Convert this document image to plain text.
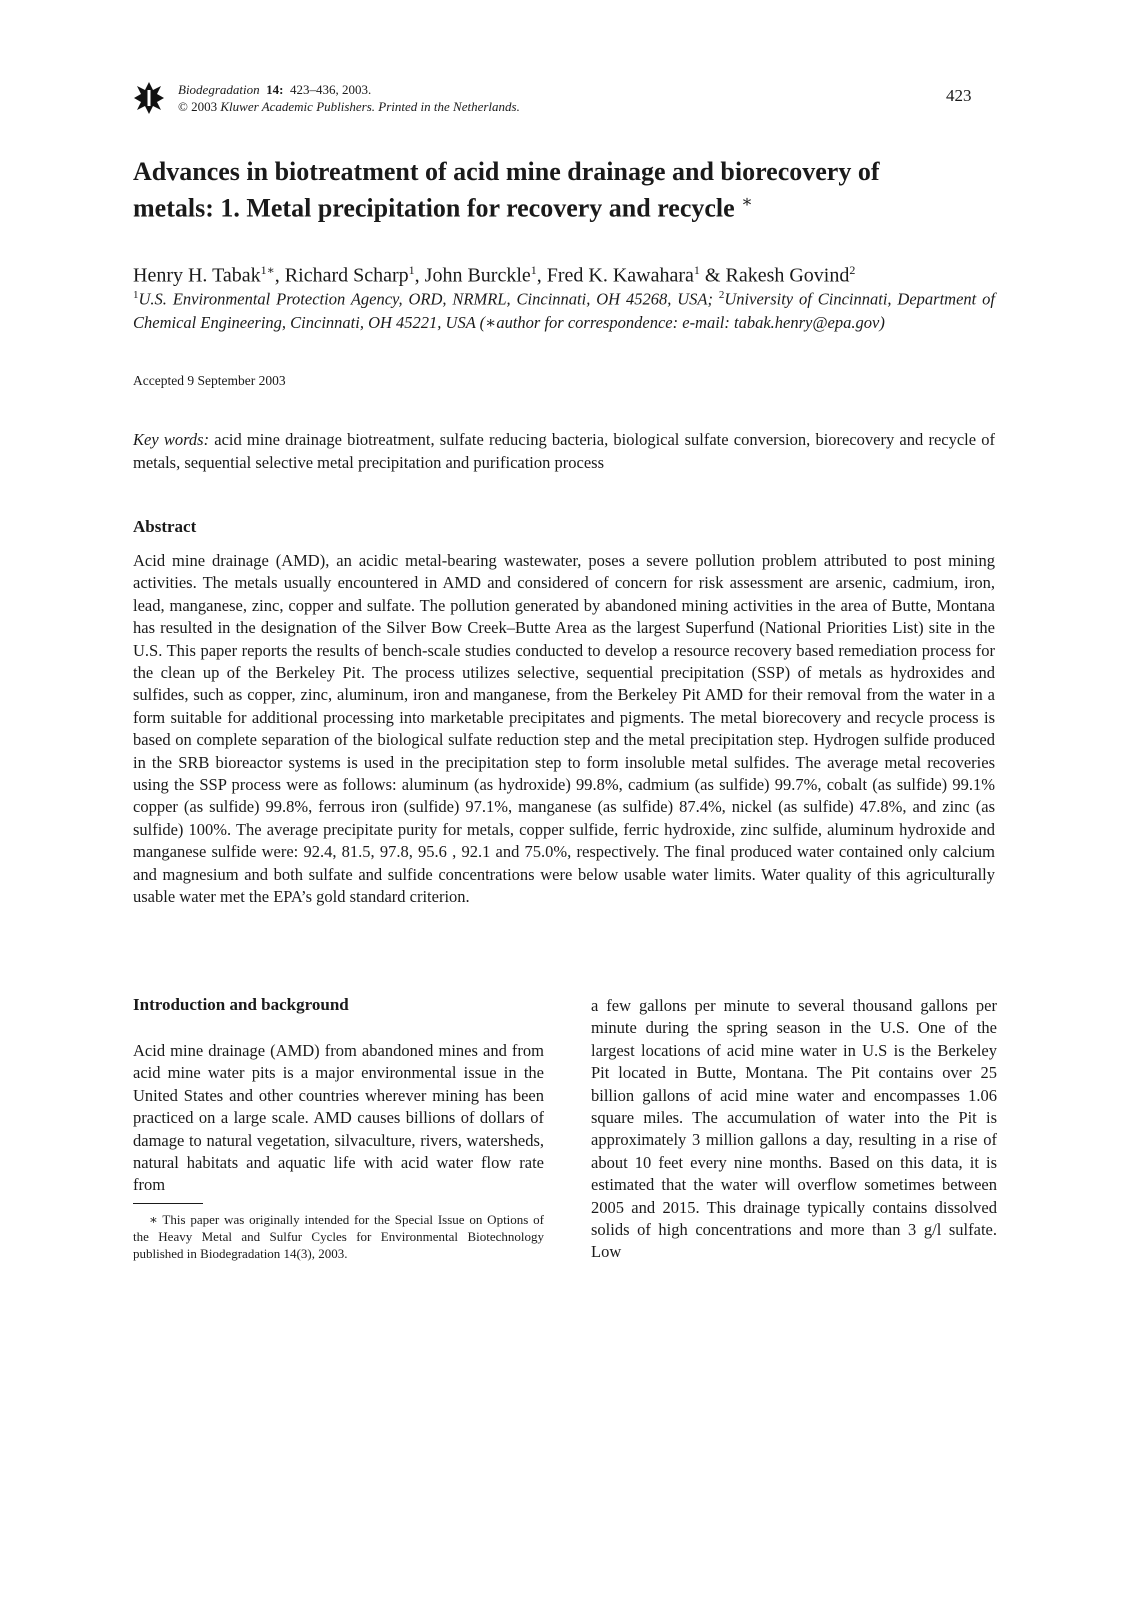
Biodegradation 14: 423–436, 2003.
© 2003 Kluwer Academic Publishers. Printed in the Netherlands.
423
Advances in biotreatment of acid mine drainage and biorecovery of
metals: 1. Metal precipitation for recovery and recycle ∗
Henry H. Tabak$^{1∗}$, Richard Scharp$^1$, John Burckle$^1$, Fred K. Kawahara$^1$ & Rakesh Govind$^2$
$^1$U.S. Environmental Protection Agency, ORD, NRMRL, Cincinnati, OH 45268, USA; $^2$University of Cincinnati, Department of Chemical Engineering, Cincinnati, OH 45221, USA (∗author for correspondence: e-mail: tabak.henry@epa.gov)
Accepted 9 September 2003
Key words: acid mine drainage biotreatment, sulfate reducing bacteria, biological sulfate conversion, biorecovery and recycle of metals, sequential selective metal precipitation and purification process
Abstract

Acid mine drainage (AMD), an acidic metal-bearing wastewater, poses a severe pollution problem attributed to post mining activities. The metals usually encountered in AMD and considered of concern for risk assessment are arsenic, cadmium, iron, lead, manganese, zinc, copper and sulfate. The pollution generated by abandoned mining activities in the area of Butte, Montana has resulted in the designation of the Silver Bow Creek–Butte Area as the largest Superfund (National Priorities List) site in the U.S. This paper reports the results of bench-scale studies conducted to develop a resource recovery based remediation process for the clean up of the Berkeley Pit. The process utilizes selective, sequential precipitation (SSP) of metals as hydroxides and sulfides, such as copper, zinc, aluminum, iron and manganese, from the Berkeley Pit AMD for their removal from the water in a form suitable for additional processing into marketable precipitates and pigments. The metal biorecovery and recycle process is based on complete separation of the biological sulfate reduction step and the metal precipitation step. Hydrogen sulfide produced in the SRB bioreactor systems is used in the precipitation step to form insoluble metal sulfides. The average metal recoveries using the SSP process were as follows: aluminum (as hydroxide) 99.8%, cadmium (as sulfide) 99.7%, cobalt (as sulfide) 99.1% copper (as sulfide) 99.8%, ferrous iron (sulfide) 97.1%, manganese (as sulfide) 87.4%, nickel (as sulfide) 47.8%, and zinc (as sulfide) 100%. The average precipitate purity for metals, copper sulfide, ferric hydroxide, zinc sulfide, aluminum hydroxide and manganese sulfide were: 92.4, 81.5, 97.8, 95.6 , 92.1 and 75.0%, respectively. The final produced water contained only calcium and magnesium and both sulfate and sulfide concentrations were below usable water limits. Water quality of this agriculturally usable water met the EPA’s gold standard criterion.

Introduction and background

Acid mine drainage (AMD) from abandoned mines and from acid mine water pits is a major environmental issue in the United States and other countries wherever mining has been practiced on a large scale. AMD causes billions of dollars of damage to natural vegetation, silvaculture, rivers, watersheds, natural habitats and aquatic life with acid water flow rate from

a few gallons per minute to several thousand gallons per minute during the spring season in the U.S. One of the largest locations of acid mine water in U.S is the Berkeley Pit located in Butte, Montana. The Pit contains over 25 billion gallons of acid mine water and encompasses 1.06 square miles. The accumulation of water into the Pit is approximately 3 million gallons a day, resulting in a rise of about 10 feet every nine months. Based on this data, it is estimated that the water will overflow sometimes between 2005 and 2015. This drainage typically contains dissolved solids of high concentrations and more than 3 g/l sulfate. Low

∗ This paper was originally intended for the Special Issue on Options of the Heavy Metal and Sulfur Cycles for Environmental Biotechnology published in Biodegradation 14(3), 2003.
